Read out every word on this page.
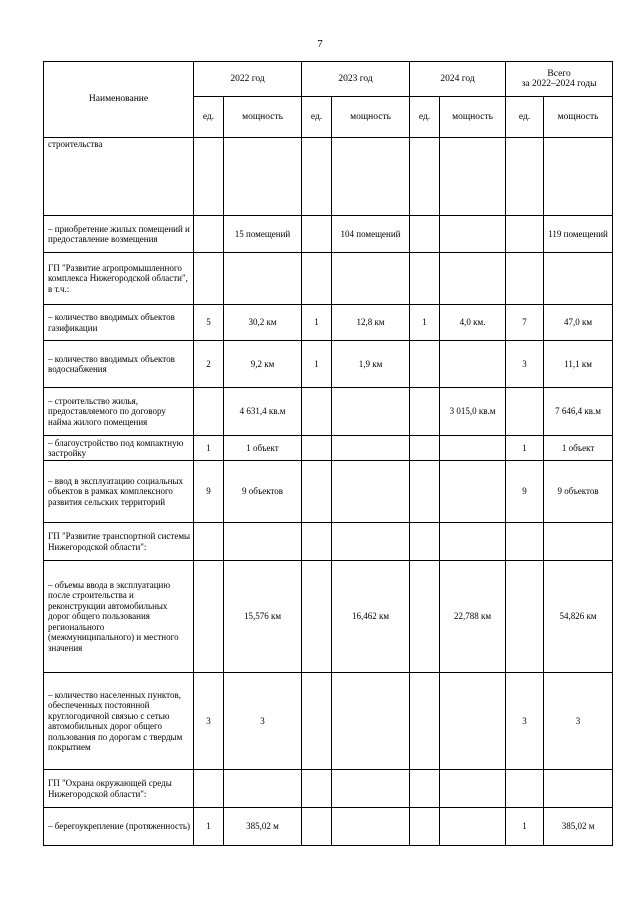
7
Наименование	2022 год		2023 год		2024 год		Всего
за 2022–2024 годы	

	ед.	мощность	ед.	мощность	ед.	мощность	ед.	мощность
строительства								
– приобретение жилых помещений и предоставление возмещения		15 помещений		104 помещений				119 помещений
ГП "Развитие агропромышленного комплекса Нижегородской области", в т.ч.:								
– количество вводимых объектов газификации	5	30,2 км	1	12,8 км	1	4,0 км.	7	47,0 км
– количество вводимых объектов водоснабжения	2	9,2 км	1	1,9 км			3	11,1 км
– строительство жилья, предоставляемого по договору найма жилого помещения		4 631,4 кв.м				3 015,0 кв.м		7 646,4 кв.м
– благоустройство под компактную застройку	1	1 объект					1	1 объект
– ввод в эксплуатацию социальных объектов в рамках комплексного развития сельских территорий	9	9 объектов					9	9 объектов
ГП "Развитие транспортной системы Нижегородской области":								
– объемы ввода в эксплуатацию после строительства и реконструкции автомобильных дорог общего пользования регионального (межмуниципального) и местного значения		15,576 км		16,462 км		22,788 км		54,826 км
– количество населенных пунктов, обеспеченных постоянной круглогодичной связью с сетью автомобильных дорог общего пользования по дорогам с твердым покрытием	3	3					3	3
ГП "Охрана окружающей среды Нижегородской области":								
– берегоукрепление (протяженность)	1	385,02 м					1	385,02 м
